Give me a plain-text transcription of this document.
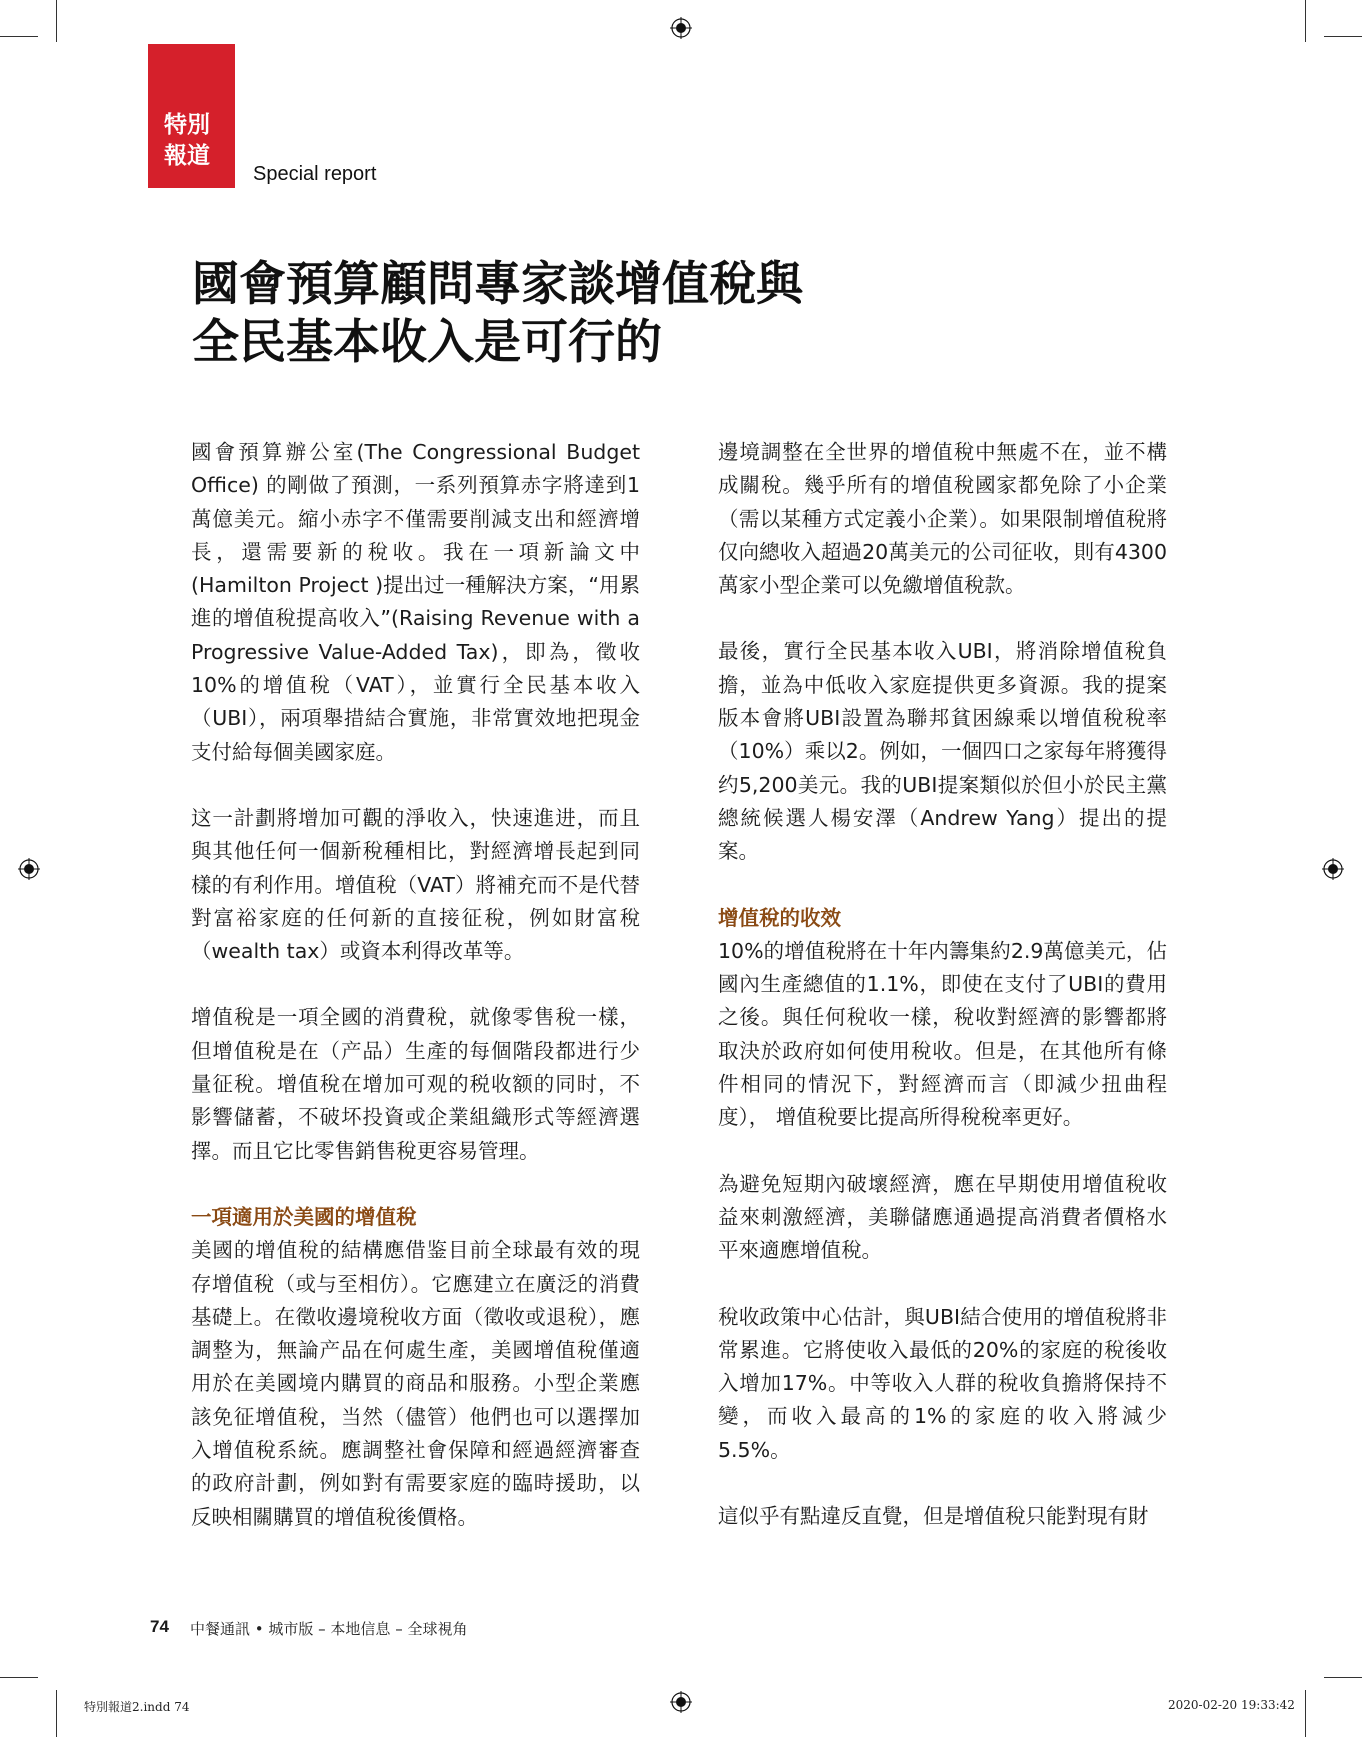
特別
報道
Special report
國會預算顧問專家談增值稅與
全民基本收入是可行的

國會預算辦公室(The Congressional Budget Office) 的剛做了預測，一系列預算赤字將達到1萬億美元。縮小赤字不僅需要削減支出和經濟增長，還需要新的稅收。我在一項新論文中(Hamilton Project )提出过一種解決方案，“用累進的增值稅提高收入”(Raising Revenue with a Progressive Value-Added Tax)，即為，徵收10%的增值稅（VAT），並實行全民基本收入（UBI），兩項舉措結合實施，非常實效地把現金支付給每個美國家庭。

这一計劃將增加可觀的淨收入，快速進进，而且與其他任何一個新稅種相比，對經濟增長起到同樣的有利作用。增值稅（VAT）將補充而不是代替 對富裕家庭的任何新的直接征稅，例如財富稅（wealth tax）或資本利得改革等。

增值稅是一項全國的消費稅，就像零售稅一樣，但增值稅是在（产品）生產的每個階段都进行少量征稅。增值稅在增加可观的税收额的同时，不影響儲蓄，不破坏投資或企業組織形式等經濟選擇。而且它比零售銷售稅更容易管理。

一項適用於美國的增值稅

美國的增值稅的結構應借鉴目前全球最有效的現存增值稅（或与至相仿）。它應建立在廣泛的消費基礎上。在徵收邊境稅收方面（徵收或退稅），應調整为，無論产品在何處生產，美國增值稅僅適用於在美國境内購買的商品和服務。小型企業應該免征增值稅，当然（儘管）他們也可以選擇加入增值稅系統。應調整社會保障和經過經濟審查的政府計劃，例如對有需要家庭的臨時援助，以反映相關購買的增值稅後價格。

邊境調整在全世界的增值稅中無處不在，並不構成關稅。幾乎所有的增值稅國家都免除了小企業（需以某種方式定義小企業）。如果限制增值稅將仅向總收入超過20萬美元的公司征收，則有4300萬家小型企業可以免繳增值稅款。

最後，實行全民基本收入UBI，將消除增值稅負擔，並為中低收入家庭提供更多資源。我的提案版本會將UBI設置為聯邦貧困線乘以增值稅稅率（10%）乘以2。例如，一個四口之家每年將獲得约5,200美元。我的UBI提案類似於但小於民主黨總統候選人楊安澤（Andrew Yang）提出的提案。

增值稅的收效

10%的增值稅將在十年内籌集約2.9萬億美元，佔國內生產總值的1.1%，即使在支付了UBI的費用之後。與任何稅收一樣，稅收對經濟的影響都將取決於政府如何使用稅收。但是，在其他所有條件相同的情況下，對經濟而言（即減少扭曲程度）， 增值稅要比提高所得稅稅率更好。

為避免短期內破壞經濟，應在早期使用增值稅收益來刺激經濟，美聯儲應通過提高消費者價格水平來適應增值稅。

稅收政策中心估計，與UBI結合使用的增值稅將非常累進。它將使收入最低的20%的家庭的稅後收入增加17%。中等收入人群的稅收負擔將保持不變，而收入最高的1%的家庭的收入將減少5.5%。

這似乎有點違反直覺，但是增值稅只能對現有財

74 中餐通訊 • 城市版 – 本地信息 – 全球視角
特別報道2.indd 74	2020-02-20 19:33:42
